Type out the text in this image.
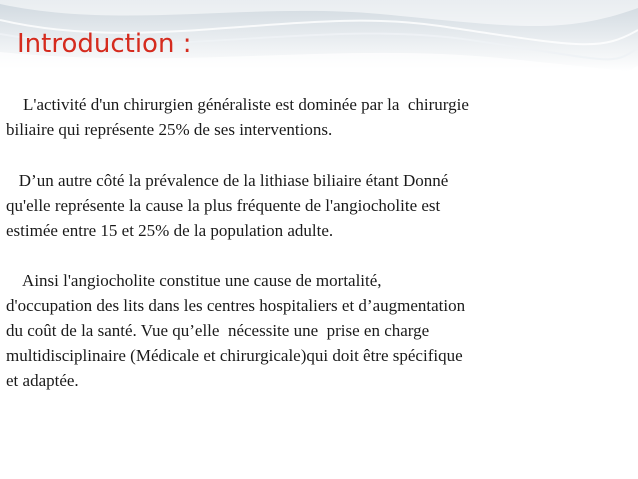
Introduction :
L'activité d'un chirurgien généraliste est dominée par la  chirurgie
biliaire qui représente 25% de ses interventions.
D’un autre côté la prévalence de la lithiase biliaire étant Donné
qu'elle représente la cause la plus fréquente de l'angiocholite est
estimée entre 15 et 25% de la population adulte.
Ainsi l'angiocholite constitue une cause de mortalité,
d'occupation des lits dans les centres hospitaliers et d’augmentation
du coût de la santé. Vue qu’elle  nécessite une  prise en charge
multidisciplinaire (Médicale et chirurgicale)qui doit être spécifique
et adaptée.
